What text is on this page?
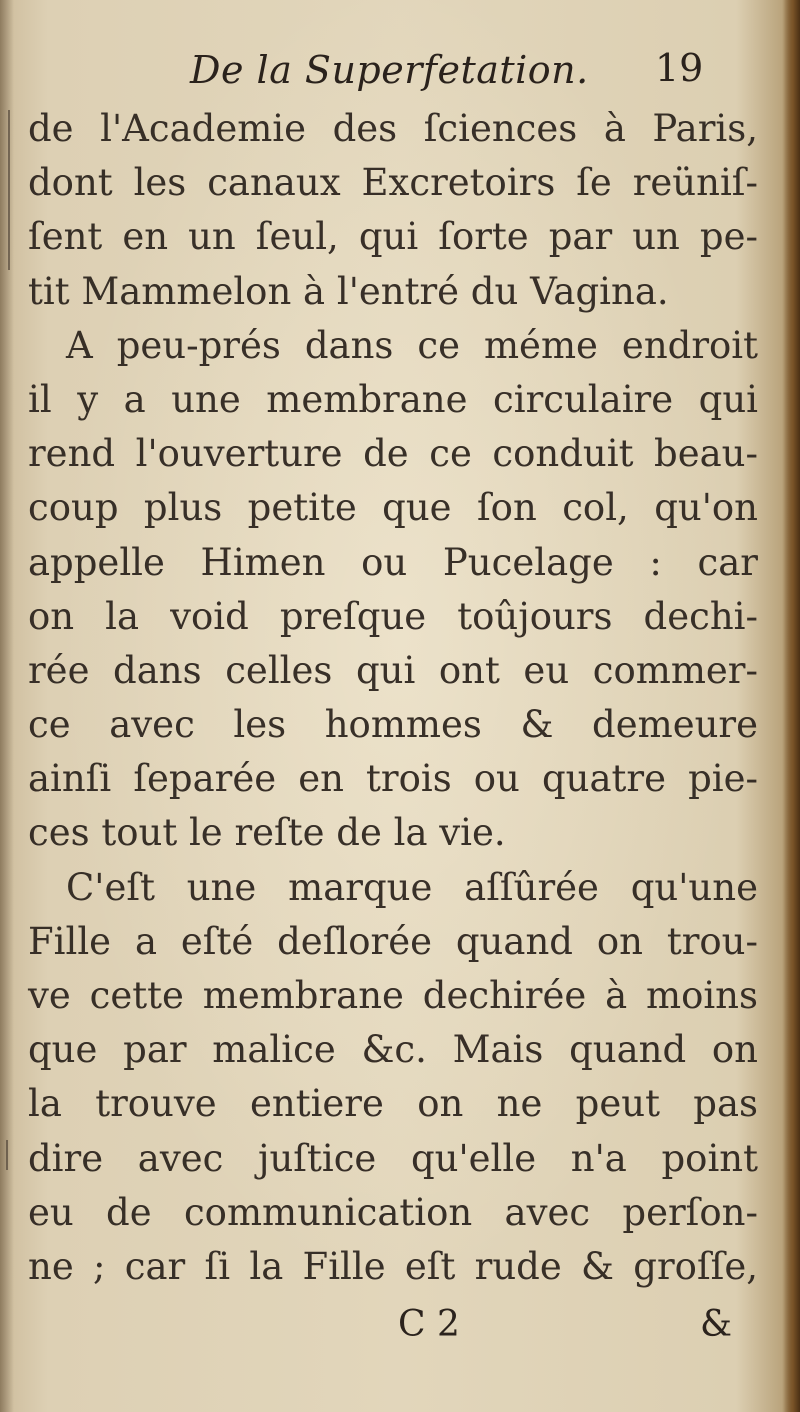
De la Superfetation. 19
de l'Academie des ſciences à Paris,
dont les canaux Excretoirs ſe reüniſ-
ſent en un ſeul, qui ſorte par un pe-
tit Mammelon à l'entré du Vagina.
A peu-prés dans ce méme endroit
il y a une membrane circulaire qui
rend l'ouverture de ce conduit beau-
coup plus petite que ſon col, qu'on
appelle Himen ou Pucelage : car
on la void preſque toûjours dechi-
rée dans celles qui ont eu commer-
ce avec les hommes & demeure
ainſi ſeparée en trois ou quatre pie-
ces tout le reſte de la vie.
C'eſt une marque aſſûrée qu'une
Fille a eſté deſlorée quand on trou-
ve cette membrane dechirée à moins
que par malice &c. Mais quand on
la trouve entiere on ne peut pas
dire avec juſtice qu'elle n'a point
eu de communication avec perſon-
ne ; car ſi la Fille eſt rude & groſſe,
C 2	&
